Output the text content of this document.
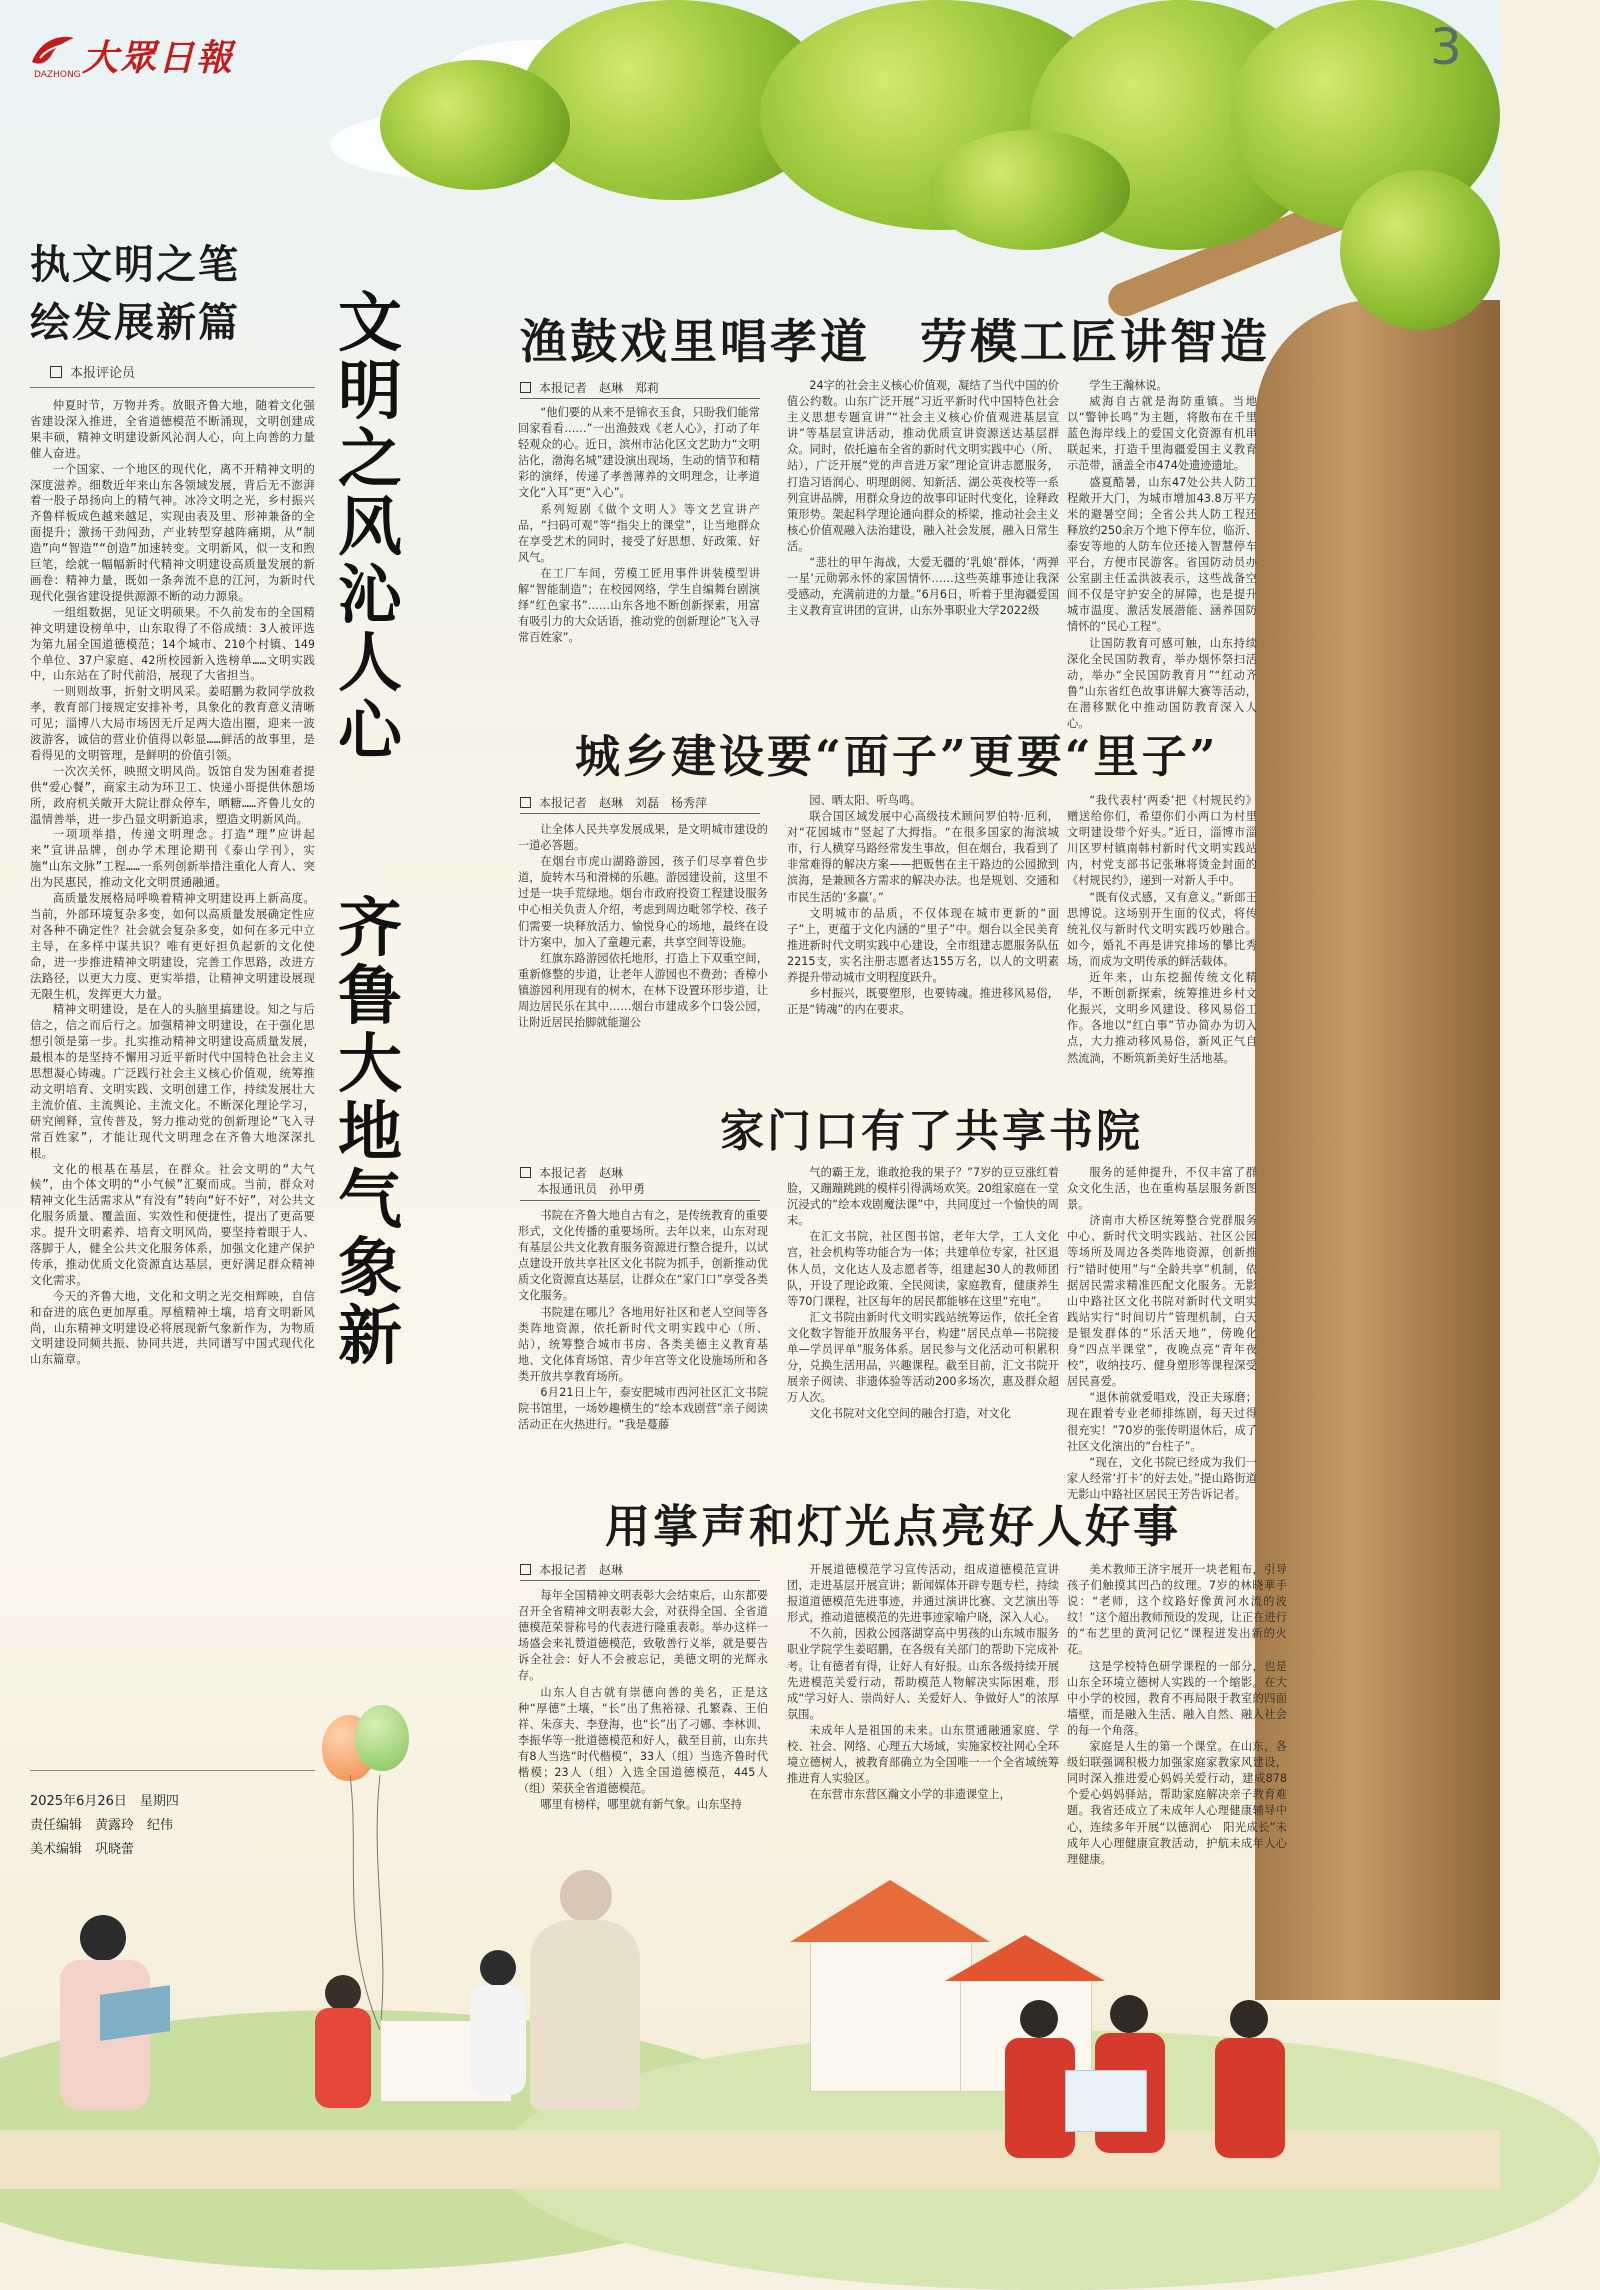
大眾日報
DAZHONG	3
执文明之笔
绘发展新篇
本报评论员

仲夏时节，万物并秀。放眼齐鲁大地，随着文化强省建设深入推进，全省道德模范不断涌现，文明创建成果丰硕，精神文明建设新风沁润人心，向上向善的力量催人奋进。

一个国家、一个地区的现代化，离不开精神文明的深度滋养。细数近年来山东各领域发展，背后无不澎湃着一股子昂扬向上的精气神。冰冷文明之光，乡村振兴齐鲁样板成色越来越足，实现由表及里、形神兼备的全面提升；激扬干劲闯劲，产业转型穿越阵痛期，从“制造”向“智造”“创造”加速转变。文明新风，似一支和煦巨笔，绘就一幅幅新时代精神文明建设高质量发展的新画卷：精神力量，既如一条奔流不息的江河，为新时代现代化强省建设提供源源不断的动力源泉。

一组组数据，见证文明硕果。不久前发布的全国精神文明建设榜单中，山东取得了不俗成绩：3人被评选为第九届全国道德模范；14个城市、210个村镇、149个单位、37户家庭、42所校园新入选榜单……文明实践中，山东站在了时代前沿，展现了大省担当。

一则则故事，折射文明风采。姜昭鹏为救同学放救孝，教育部门接规定安排补考，具象化的教育意义清晰可见；淄博八大局市场因无斤足两大造出圈，迎来一波波游客，诚信的营业价值得以彰显……鲜活的故事里，是看得见的文明管理，是鲜明的价值引领。

一次次关怀，映照文明风尚。饭馆自发为困难者提供“爱心餐”，商家主动为环卫工、快递小哥提供休憩场所，政府机关敞开大院让群众停车，晒糖……齐鲁儿女的温情善举，进一步凸显文明新追求，塑造文明新风尚。

一项项举措，传递文明理念。打造“理”应讲起来”宣讲品牌，创办学术理论期刊《泰山学刊》，实施“山东文脉”工程……一系列创新举措注重化人育人、突出为民惠民，推动文化文明贯通融通。

高质量发展格局呼唤着精神文明建设再上新高度。当前，外部环境复杂多变，如何以高质量发展确定性应对各种不确定性？社会就会复杂多变，如何在多元中立主导，在多样中谋共识？唯有更好担负起新的文化使命，进一步推进精神文明建设，完善工作思路，改进方法路径，以更大力度、更实举措，让精神文明建设展现无限生机，发挥更大力量。

精神文明建设，是在人的头脑里搞建设。知之与后信之，信之而后行之。加强精神文明建设，在于强化思想引领是第一步。扎实推动精神文明建设高质量发展，最根本的是坚持不懈用习近平新时代中国特色社会主义思想凝心铸魂。广泛践行社会主义核心价值观，统筹推动文明培育、文明实践、文明创建工作，持续发展壮大主流价值、主流舆论、主流文化。不断深化理论学习，研究阐释，宣传普及，努力推动党的创新理论“飞入寻常百姓家”，才能让现代文明理念在齐鲁大地深深扎根。

文化的根基在基层，在群众。社会文明的“大气候”，由个体文明的“小气候”汇聚而成。当前，群众对精神文化生活需求从“有没有”转向“好不好”，对公共文化服务质量、覆盖面、实效性和便捷性，提出了更高要求。提升文明素养、培育文明风尚，要坚持着眼于人、落脚于人，健全公共文化服务体系，加强文化建产保护传承，推动优质文化资源直达基层，更好满足群众精神文化需求。

今天的齐鲁大地，文化和文明之光交相辉映，自信和奋进的底色更加厚重。厚植精神土壤，培育文明新风尚，山东精神文明建设必将展现新气象新作为，为物质文明建设同频共振、协同共进，共同谱写中国式现代化山东篇章。

2025年6月26日　星期四
责任编辑　黄露玲　纪伟
美术编辑　巩晓蕾
文明之风沁人心
齐鲁大地气象新
渔鼓戏里唱孝道　劳模工匠讲智造
本报记者　赵琳　郑莉

“他们要的从来不是锦衣玉食，只盼我们能常回家看看……”一出渔鼓戏《老人心》，打动了年轻观众的心。近日，滨州市沾化区文艺助力“文明沾化，渤海名城”建设演出现场，生动的情节和精彩的演绎，传递了孝善薄养的文明理念，让孝道文化“入耳”更“入心”。

系列短剧《做个文明人》等文艺宣讲产品，“扫码可观”等“指尖上的课堂”，让当地群众在享受艺术的同时，接受了好思想、好政策、好风气。

在工厂车间，劳模工匠用事件讲装模型讲解“智能制造”；在校园网络，学生自编舞台剧演绎“红色家书”……山东各地不断创新探索，用富有吸引力的大众话语，推动党的创新理论“飞入寻常百姓家”。

24字的社会主义核心价值观，凝结了当代中国的价值公约数。山东广泛开展“习近平新时代中国特色社会主义思想专题宣讲”“社会主义核心价值观进基层宣讲”等基层宣讲活动，推动优质宣讲资源送达基层群众。同时，依托遍布全省的新时代文明实践中心（所、站），广泛开展“党的声音进万家”理论宣讲志愿服务，打造习语润心、明理朗阅、知新活、湖公英夜校等一系列宣讲品牌，用群众身边的故事印证时代变化，诠释政策形势。架起科学理论通向群众的桥梁，推动社会主义核心价值观融入法治建设，融入社会发展，融入日常生活。

“悲壮的甲午海战，大爱无疆的‘乳娘’群体，‘两弹一星’元勋郭永怀的家国情怀……这些英雄事迹让我深受感动，充满前进的力量。”6月6日，听着于里海疆爱国主义教育宣讲团的宣讲，山东外事职业大学2022级

学生王瀚林说。

威海自古就是海防重镇。当地以“警钟长鸣”为主题，将散布在千里蓝色海岸线上的爱国文化资源有机串联起来，打造千里海疆爱国主义教育示范带，涵盖全市474处遗迹遗址。

盛夏酷暑，山东47处公共人防工程敞开大门，为城市增加43.8万平方米的避暑空间；全省公共人防工程还释放约250余万个地下停车位，临沂、泰安等地的人防车位还接入智慧停车平台，方便市民游客。省国防动员办公室副主任孟洪波表示，这些战备空间不仅是守护安全的屏障，也是提升城市温度、激活发展潜能、涵养国防情怀的“民心工程”。

让国防教育可感可触，山东持续深化全民国防教育，举办烟怀祭扫活动，举办“全民国防教育月”“红动齐鲁”山东省红色故事讲解大赛等活动，在潜移默化中推动国防教育深入人心。

城乡建设要“面子”更要“里子”
本报记者　赵琳　刘磊　杨秀萍

让全体人民共享发展成果，是文明城市建设的一道必答题。

在烟台市虎山湖路游园，孩子们尽享着色步道，旋转木马和滑梯的乐趣。游园建设前，这里不过是一块手荒绿地。烟台市政府投资工程建设服务中心相关负责人介绍，考虑到周边毗邻学校、孩子们需要一块释放活力、愉悦身心的场地，最终在设计方案中，加入了童趣元素，共享空间等设施。

红旗东路游园依托地形，打造上下双重空间，重新修整的步道，让老年人游园也不费劲；香樟小镇游园利用现有的树木，在林下设置环形步道，让周边居民乐在其中……烟台市建成多个口袋公园，让附近居民抬脚就能遛公

园、晒太阳、听鸟鸣。

联合国区域发展中心高级技术顾问罗伯特·厄利，对“花园城市”竖起了大拇指。“在很多国家的海滨城市，行人横穿马路经常发生事故，但在烟台，我看到了非常难得的解决方案——把贩售在主干路边的公园掀到滨海，是兼顾各方需求的解决办法。也是规划、交通和市民生活的‘多赢’。”

文明城市的品质，不仅体现在城市更新的“面子”上，更蕴于文化内涵的“里子”中。烟台以全民美育推进新时代文明实践中心建设，全市组建志愿服务队伍2215支，实名注册志愿者达155万名，以人的文明素养提升带动城市文明程度跃升。

乡村振兴，既要塑形，也要铸魂。推进移风易俗，正是“铸魂”的内在要求。

“我代表村‘两委’把《村规民约》赠送给你们，希望你们小两口为村里文明建设带个好头。”近日，淄博市淄川区罗村镇南韩村新时代文明实践站内，村党支部书记张琳将烫金封面的《村规民约》，递到一对新人手中。

“既有仪式感，又有意义。”新郎王思博说。这场别开生面的仪式，将传统礼仪与新时代文明实践巧妙融合。如今，婚礼不再是讲究排场的攀比秀场，而成为文明传承的鲜活载体。

近年来，山东挖掘传统文化精华，不断创新探索，统筹推进乡村文化振兴，文明乡风建设、移风易俗工作。各地以“红白事”节办简办为切入点，大力推动移风易俗，新风正气自然流淌，不断筑新美好生活地基。

家门口有了共享书院
本报记者　赵琳
本报通讯员　孙甲勇

书院在齐鲁大地自古有之，是传统教育的重要形式，文化传播的重要场所。去年以来，山东对现有基层公共文化教育服务资源进行整合提升，以试点建设开放共享社区文化书院为抓手，创新推动优质文化资源直达基层，让群众在“家门口”享受各类文化服务。

书院建在哪儿？各地用好社区和老人空间等各类阵地资源，依托新时代文明实践中心（所、站），统筹整合城市书房、各类美德主义教育基地、文化体育场馆、青少年宫等文化设施场所和各类开放共享教育场所。

6月21日上午，泰安肥城市西河社区汇文书院院书馆里，一场妙趣横生的“绘本戏剧营”亲子阅读活动正在火热进行。“我是蔓藤

气的霸王龙，谁敢抢我的果子？”7岁的豆豆涨红着脸，又蹦蹦跳跳的模样引得满场欢笑。20组家庭在一堂沉浸式的“绘本戏剧魔法课”中，共同度过一个愉快的周末。

在汇文书院，社区图书馆，老年大学，工人文化宫，社会机构等功能合为一体；共建单位专家，社区退休人员，文化达人及志愿者等，组建起30人的教师团队，开设了理论政策、全民阅读，家庭教育，健康养生等70门课程，社区每年的居民都能够在这里“充电”。

汇文书院由新时代文明实践站统筹运作，依托全省文化数字智能开放服务平台，构建“居民点单—书院接单—学员评单”服务体系。居民参与文化活动可积累积分，兑换生活用品，兴趣课程。截至目前，汇文书院开展亲子阅读、非遗体验等活动200多场次，惠及群众超万人次。

文化书院对文化空间的融合打造，对文化

服务的延伸提升，不仅丰富了群众文化生活，也在重构基层服务新图景。

济南市大桥区统筹整合党群服务中心、新时代文明实践站、社区公园等场所及周边各类阵地资源，创新推行“错时使用”与“全龄共享”机制，依据居民需求精准匹配文化服务。无影山中路社区文化书院对新时代文明实践站实行“时间切片”管理机制，白天是银发群体的“乐活天地”，傍晚化身“四点半课堂”，夜晚点亮“青年夜校”，收纳技巧、健身塑形等课程深受居民喜爱。

“退休前就爱唱戏，没正夫琢磨；现在跟着专业老师排练剧，每天过得很充实！”70岁的张传明退休后，成了社区文化演出的“台柱子”。

“现在，文化书院已经成为我们一家人经常‘打卡’的好去处。”提山路街道无影山中路社区居民王芳告诉记者。

用掌声和灯光点亮好人好事
本报记者　赵琳

每年全国精神文明表彰大会结束后，山东都要召开全省精神文明表彰大会，对获得全国、全省道德模范荣誉称号的代表进行隆重表彰。举办这样一场盛会来礼赞道德模范，致敬善行义举，就是要告诉全社会：好人不会被忘记，美德文明的光辉永存。

山东人自古就有崇德向善的美名，正是这种“厚德”土壤，“长”出了焦裕禄、孔繁森、王伯祥、朱彦夫、李登海，也“长”出了刁娜、李林训、李振华等一批道德模范和好人，截至目前，山东共有8人当选“时代楷模”，33人（组）当选齐鲁时代楷模；23人（组）入选全国道德模范，445人（组）荣获全省道德模范。

哪里有榜样，哪里就有新气象。山东坚持

开展道德模范学习宣传活动，组成道德模范宣讲团，走进基层开展宣讲；新闻媒体开辟专题专栏，持续报道道德模范先进事迹，并通过演讲比赛、文艺演出等形式，推动道德模范的先进事迹家喻户晓，深入人心。

不久前，因救公园落湖穿高中男孩的山东城市服务职业学院学生姜昭鹏，在各级有关部门的帮助下完成补考。让有德者有得，让好人有好报。山东各级持续开展先进模范关爱行动，帮助模范人物解决实际困难，形成“学习好人、崇尚好人、关爱好人、争做好人”的浓厚氛围。

未成年人是祖国的未来。山东贯通融通家庭、学校、社会、网络、心理五大场域，实施家校社网心全环境立德树人，被教育部确立为全国唯一一个全省域统筹推进育人实验区。

在东营市东营区瀚文小学的非遗课堂上，

美术教师王济宇展开一块老粗布，引导孩子们触摸其凹凸的纹理。7岁的林晓華手说：“老师，这个纹路好像黄河水流的波纹！”这个超出教师预设的发现，让正在进行的“布艺里的黄河记忆”课程迸发出新的火花。

这是学校特色研学课程的一部分，也是山东全环境立德树人实践的一个缩影。在大中小学的校园，教育不再局限于教室的四面墙壁，而是融入生活、融入自然、融入社会的每一个角落。

家庭是人生的第一个课堂。在山东，各级妇联强调积极力加强家庭家教家风建设，同时深入推进爱心妈妈关爱行动，建成878个爱心妈妈驿站，帮助家庭解决亲子教育难题。我省还成立了未成年人心理健康辅导中心，连续多年开展“以德润心　阳光成长”未成年人心理健康宣教活动，护航未成年人心理健康。
